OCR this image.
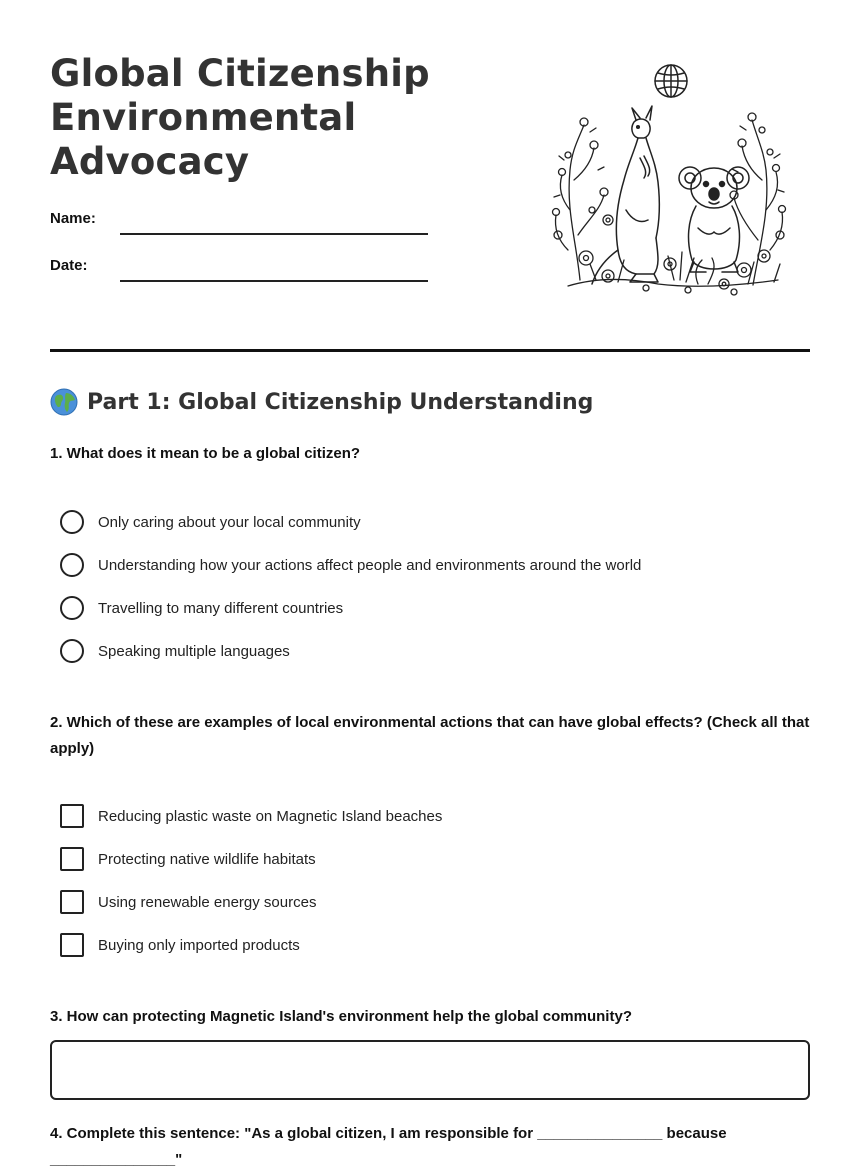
Global Citizenship
Environmental
Advocacy
Name:
Date:
Part 1: Global Citizenship Understanding

1. What does it mean to be a global citizen?

Only caring about your local community
Understanding how your actions affect people and environments around the world
Travelling to many different countries
Speaking multiple languages

2. Which of these are examples of local environmental actions that can have global effects? (Check all that apply)

Reducing plastic waste on Magnetic Island beaches
Protecting native wildlife habitats
Using renewable energy sources
Buying only imported products

3. How can protecting Magnetic Island's environment help the global community?

4. Complete this sentence: "As a global citizen, I am responsible for _______________ because _______________"
